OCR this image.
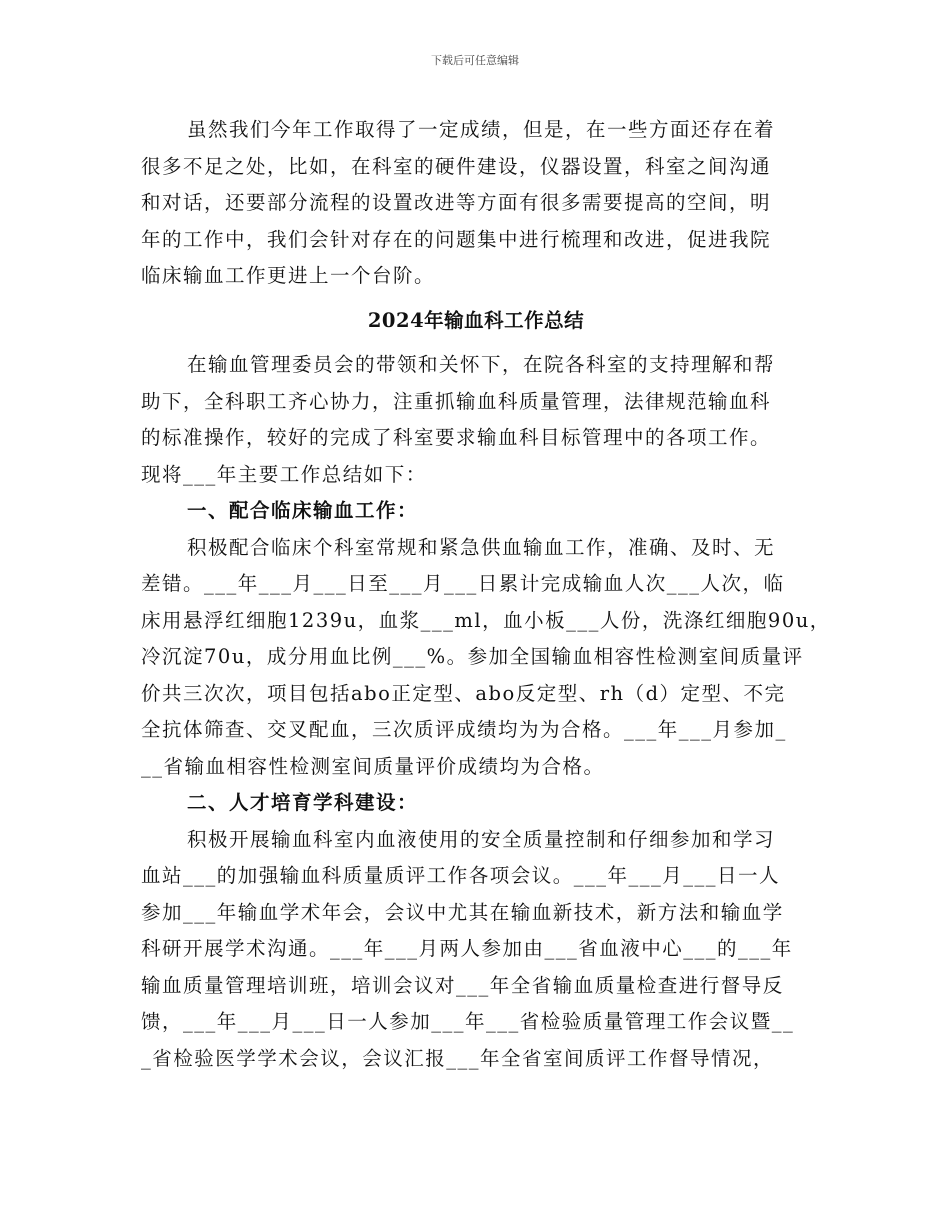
下载后可任意编辑
虽然我们今年工作取得了一定成绩，但是，在一些方面还存在着
很多不足之处，比如，在科室的硬件建设，仪器设置，科室之间沟通
和对话，还要部分流程的设置改进等方面有很多需要提高的空间，明
年的工作中，我们会针对存在的问题集中进行梳理和改进，促进我院
临床输血工作更进上一个台阶。
2024年输血科工作总结
在输血管理委员会的带领和关怀下，在院各科室的支持理解和帮
助下，全科职工齐心协力，注重抓输血科质量管理，法律规范输血科
的标准操作，较好的完成了科室要求输血科目标管理中的各项工作。
现将___年主要工作总结如下：
一、配合临床输血工作：
积极配合临床个科室常规和紧急供血输血工作，准确、及时、无
差错。___年___月___日至___月___日累计完成输血人次___人次，临
床用悬浮红细胞1239u，血浆___ml，血小板___人份，洗涤红细胞90u，
冷沉淀70u，成分用血比例___%。参加全国输血相容性检测室间质量评
价共三次次，项目包括abo正定型、abo反定型、rh（d）定型、不完
全抗体筛查、交叉配血，三次质评成绩均为为合格。___年___月参加_
__省输血相容性检测室间质量评价成绩均为合格。
二、人才培育学科建设：
积极开展输血科室内血液使用的安全质量控制和仔细参加和学习
血站___的加强输血科质量质评工作各项会议。___年___月___日一人
参加___年输血学术年会，会议中尤其在输血新技术，新方法和输血学
科研开展学术沟通。___年___月两人参加由___省血液中心___的___年
输血质量管理培训班，培训会议对___年全省输血质量检查进行督导反
馈，___年___月___日一人参加___年___省检验质量管理工作会议暨__
_省检验医学学术会议，会议汇报___年全省室间质评工作督导情况，
